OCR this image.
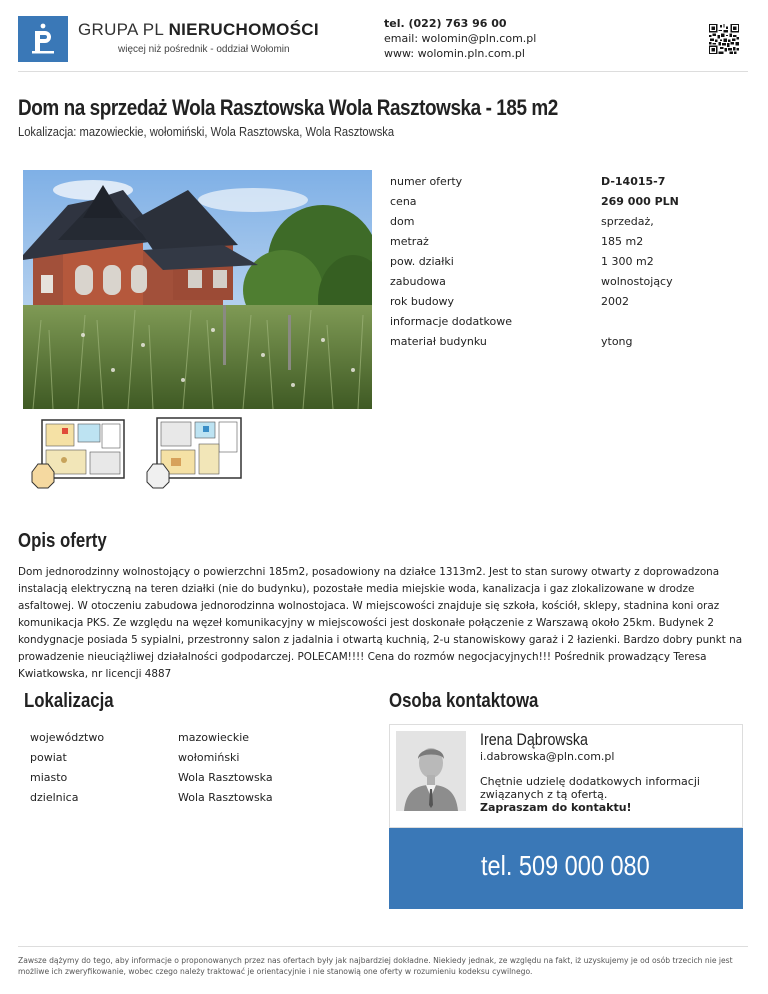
GRUPA PL NIERUCHOMOŚCI
więcej niż pośrednik - oddział Wołomin
tel. (022) 763 96 00
email: wolomin@pln.com.pl
www: wolomin.pln.com.pl
Dom na sprzedaż Wola Rasztowska Wola Rasztowska - 185 m2
Lokalizacja: mazowieckie, wołomiński, Wola Rasztowska, Wola Rasztowska
numer oferty	D-14015-7
cena	269 000 PLN
dom	sprzedaż,
metraż	185 m2
pow. działki	1 300 m2
zabudowa	wolnostojący
rok budowy	2002
informacje dodatkowe
materiał budynku	ytong
Opis oferty

Dom jednorodzinny wolnostojący o powierzchni 185m2, posadowiony na działce 1313m2. Jest to stan surowy otwarty z doprowadzona instalacją elektryczną na teren działki (nie do budynku), pozostałe media miejskie woda, kanalizacja i gaz zlokalizowane w drodze asfaltowej. W otoczeniu zabudowa jednorodzinna wolnostojaca. W miejscowości znajduje się szkoła, kościół, sklepy, stadnina koni oraz komunikacja PKS. Ze względu na węzeł komunikacyjny w miejscowości jest doskonałe połączenie z Warszawą około 25km. Budynek 2 kondygnacje posiada 5 sypialni, przestronny salon z jadalnia i otwartą kuchnią, 2-u stanowiskowy garaż i 2 łazienki. Bardzo dobry punkt na prowadzenie nieuciążliwej działalności godpodarczej. POLECAM!!!! Cena do rozmów negocjacyjnych!!! Pośrednik prowadzący Teresa Kwiatkowska, nr licencji 4887

Lokalizacja
województwo	mazowieckie
powiat	wołomiński
miasto	Wola Rasztowska
dzielnica	Wola Rasztowska
Osoba kontaktowa
Irena Dąbrowska
i.dabrowska@pln.com.pl
Chętnie udzielę dodatkowych informacji związanych z tą ofertą.
Zapraszam do kontaktu!
tel. 509 000 080

Zawsze dążymy do tego, aby informacje o proponowanych przez nas ofertach były jak najbardziej dokładne. Niekiedy jednak, ze względu na fakt, iż uzyskujemy je od osób trzecich nie jest możliwe ich zweryfikowanie, wobec czego należy traktować je orientacyjnie i nie stanowią one oferty w rozumieniu kodeksu cywilnego.
